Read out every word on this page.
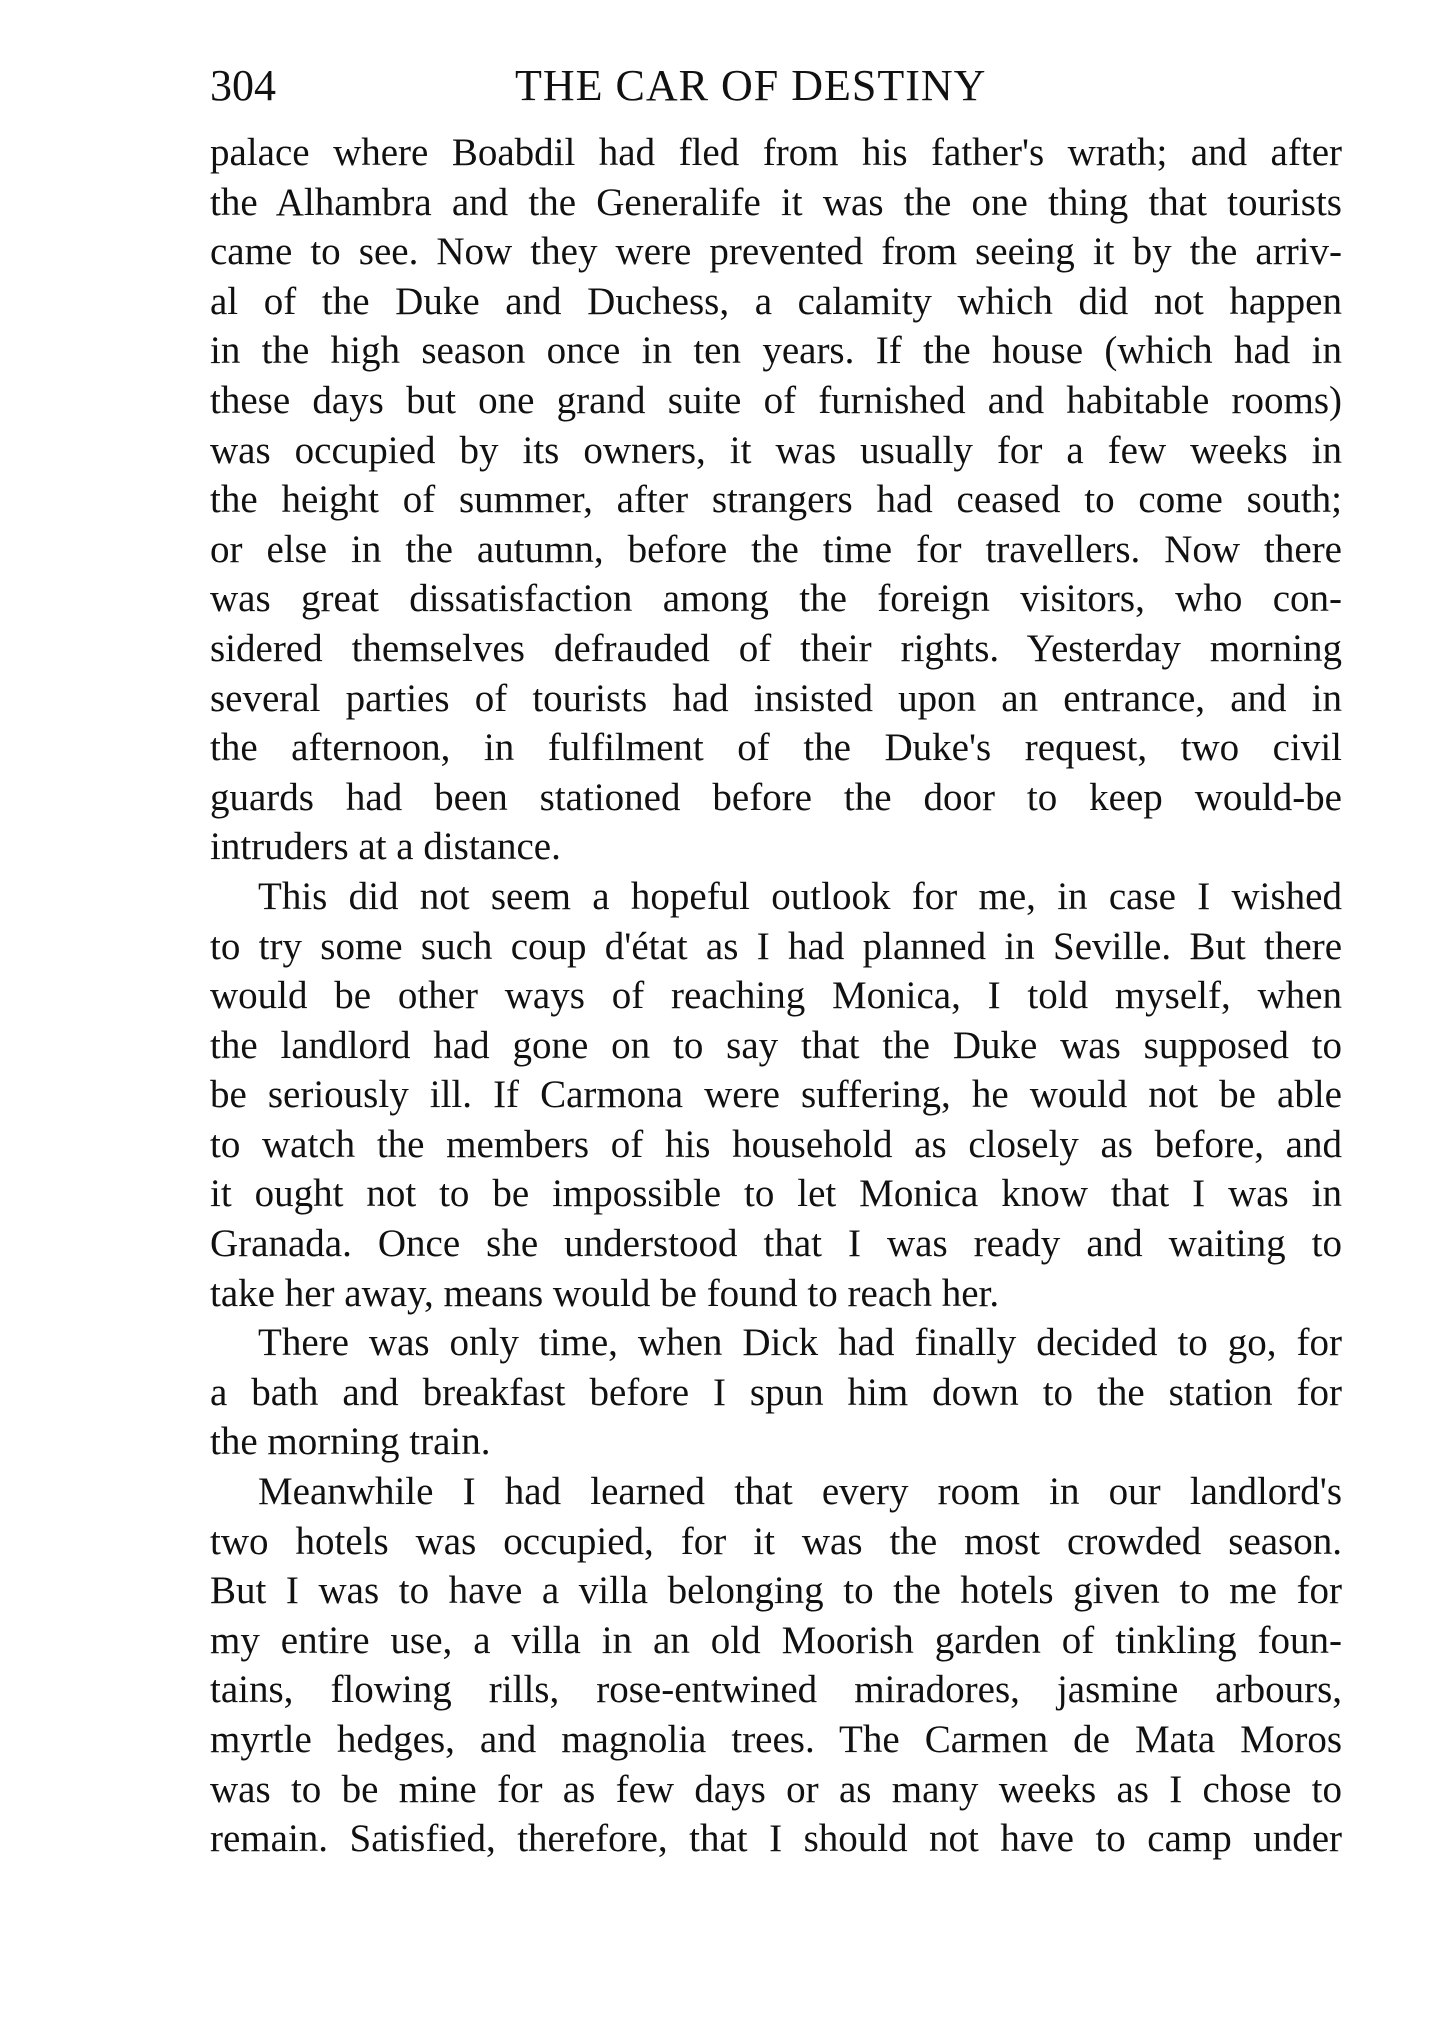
304	THE CAR OF DESTINY
palace where Boabdil had fled from his father's wrath; and after
the Alhambra and the Generalife it was the one thing that tourists
came to see. Now they were prevented from seeing it by the arriv-
al of the Duke and Duchess, a calamity which did not happen
in the high season once in ten years. If the house (which had in
these days but one grand suite of furnished and habitable rooms)
was occupied by its owners, it was usually for a few weeks in
the height of summer, after strangers had ceased to come south;
or else in the autumn, before the time for travellers. Now there
was great dissatisfaction among the foreign visitors, who con-
sidered themselves defrauded of their rights. Yesterday morning
several parties of tourists had insisted upon an entrance, and in
the afternoon, in fulfilment of the Duke's request, two civil
guards had been stationed before the door to keep would-be
intruders at a distance.
This did not seem a hopeful outlook for me, in case I wished
to try some such coup d'état as I had planned in Seville. But there
would be other ways of reaching Monica, I told myself, when
the landlord had gone on to say that the Duke was supposed to
be seriously ill. If Carmona were suffering, he would not be able
to watch the members of his household as closely as before, and
it ought not to be impossible to let Monica know that I was in
Granada. Once she understood that I was ready and waiting to
take her away, means would be found to reach her.
There was only time, when Dick had finally decided to go, for
a bath and breakfast before I spun him down to the station for
the morning train.
Meanwhile I had learned that every room in our landlord's
two hotels was occupied, for it was the most crowded season.
But I was to have a villa belonging to the hotels given to me for
my entire use, a villa in an old Moorish garden of tinkling foun-
tains, flowing rills, rose-entwined miradores, jasmine arbours,
myrtle hedges, and magnolia trees. The Carmen de Mata Moros
was to be mine for as few days or as many weeks as I chose to
remain. Satisfied, therefore, that I should not have to camp under
